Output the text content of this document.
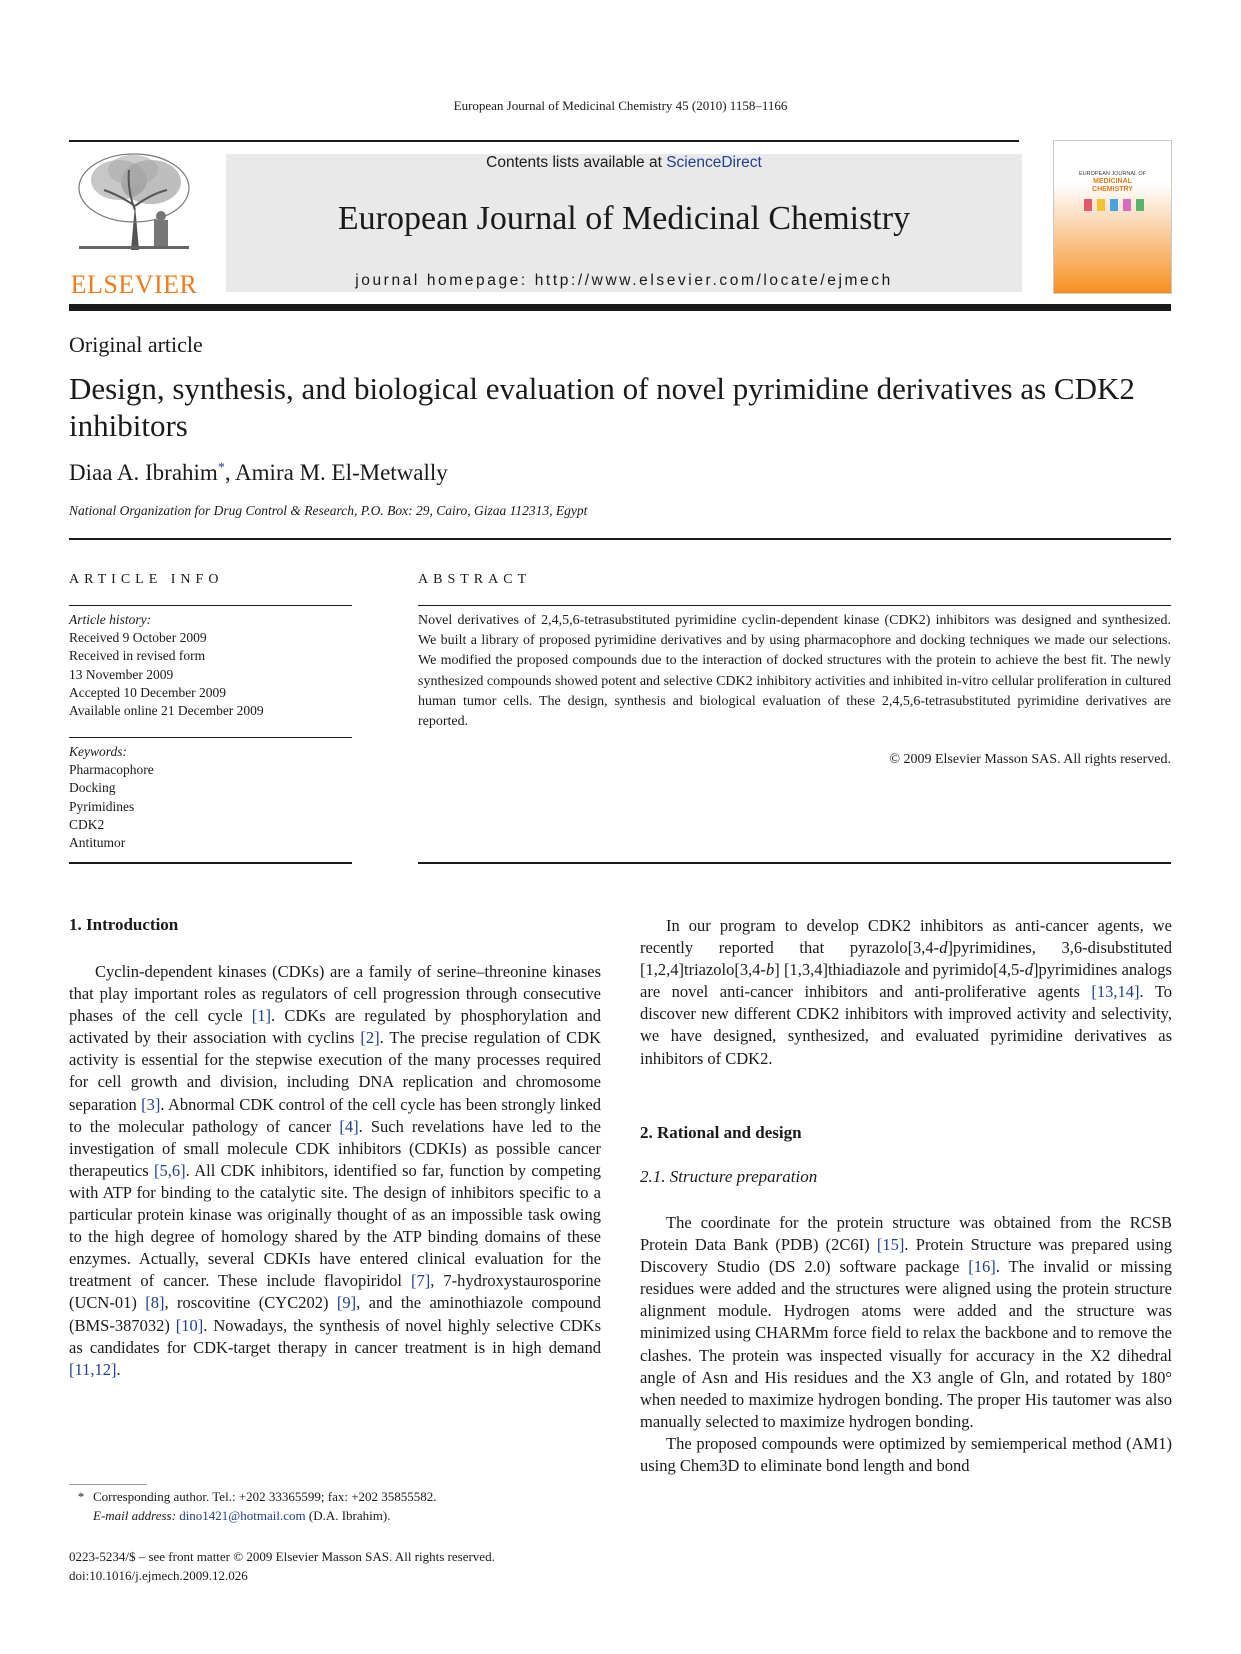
European Journal of Medicinal Chemistry 45 (2010) 1158–1166
ELSEVIER
Contents lists available at ScienceDirect
European Journal of Medicinal Chemistry
journal homepage: http://www.elsevier.com/locate/ejmech
EUROPEAN JOURNAL OF
MEDICINAL
CHEMISTRY
Original article
Design, synthesis, and biological evaluation of novel pyrimidine derivatives as CDK2 inhibitors
Diaa A. Ibrahim*, Amira M. El-Metwally
National Organization for Drug Control & Research, P.O. Box: 29, Cairo, Gizaa 112313, Egypt
ARTICLE INFO
Article history:
Received 9 October 2009
Received in revised form
13 November 2009
Accepted 10 December 2009
Available online 21 December 2009
Keywords:
Pharmacophore
Docking
Pyrimidines
CDK2
Antitumor
ABSTRACT
Novel derivatives of 2,4,5,6-tetrasubstituted pyrimidine cyclin-dependent kinase (CDK2) inhibitors was designed and synthesized. We built a library of proposed pyrimidine derivatives and by using pharmacophore and docking techniques we made our selections. We modified the proposed compounds due to the interaction of docked structures with the protein to achieve the best fit. The newly synthesized compounds showed potent and selective CDK2 inhibitory activities and inhibited in-vitro cellular proliferation in cultured human tumor cells. The design, synthesis and biological evaluation of these 2,4,5,6-tetrasubstituted pyrimidine derivatives are reported.
© 2009 Elsevier Masson SAS. All rights reserved.
1. Introduction

Cyclin-dependent kinases (CDKs) are a family of serine–threonine kinases that play important roles as regulators of cell progression through consecutive phases of the cell cycle [1]. CDKs are regulated by phosphorylation and activated by their association with cyclins [2]. The precise regulation of CDK activity is essential for the stepwise execution of the many processes required for cell growth and division, including DNA replication and chromosome separation [3]. Abnormal CDK control of the cell cycle has been strongly linked to the molecular pathology of cancer [4]. Such revelations have led to the investigation of small molecule CDK inhibitors (CDKIs) as possible cancer therapeutics [5,6]. All CDK inhibitors, identified so far, function by competing with ATP for binding to the catalytic site. The design of inhibitors specific to a particular protein kinase was originally thought of as an impossible task owing to the high degree of homology shared by the ATP binding domains of these enzymes. Actually, several CDKIs have entered clinical evaluation for the treatment of cancer. These include flavopiridol [7], 7-hydroxystaurosporine (UCN-01) [8], roscovitine (CYC202) [9], and the aminothiazole compound (BMS-387032) [10]. Nowadays, the synthesis of novel highly selective CDKs as candidates for CDK-target therapy in cancer treatment is in high demand [11,12].

* Corresponding author. Tel.: +202 33365599; fax: +202 35855582.
E-mail address: dino1421@hotmail.com (D.A. Ibrahim).
0223-5234/$ – see front matter © 2009 Elsevier Masson SAS. All rights reserved.
doi:10.1016/j.ejmech.2009.12.026

In our program to develop CDK2 inhibitors as anti-cancer agents, we recently reported that pyrazolo[3,4-d]pyrimidines, 3,6-disubstituted [1,2,4]triazolo[3,4-b] [1,3,4]thiadiazole and pyrimido[4,5-d]pyrimidines analogs are novel anti-cancer inhibitors and anti-proliferative agents [13,14]. To discover new different CDK2 inhibitors with improved activity and selectivity, we have designed, synthesized, and evaluated pyrimidine derivatives as inhibitors of CDK2.

2. Rational and design
2.1. Structure preparation

The coordinate for the protein structure was obtained from the RCSB Protein Data Bank (PDB) (2C6I) [15]. Protein Structure was prepared using Discovery Studio (DS 2.0) software package [16]. The invalid or missing residues were added and the structures were aligned using the protein structure alignment module. Hydrogen atoms were added and the structure was minimized using CHARMm force field to relax the backbone and to remove the clashes. The protein was inspected visually for accuracy in the X2 dihedral angle of Asn and His residues and the X3 angle of Gln, and rotated by 180° when needed to maximize hydrogen bonding. The proper His tautomer was also manually selected to maximize hydrogen bonding.

The proposed compounds were optimized by semiemperical method (AM1) using Chem3D to eliminate bond length and bond
